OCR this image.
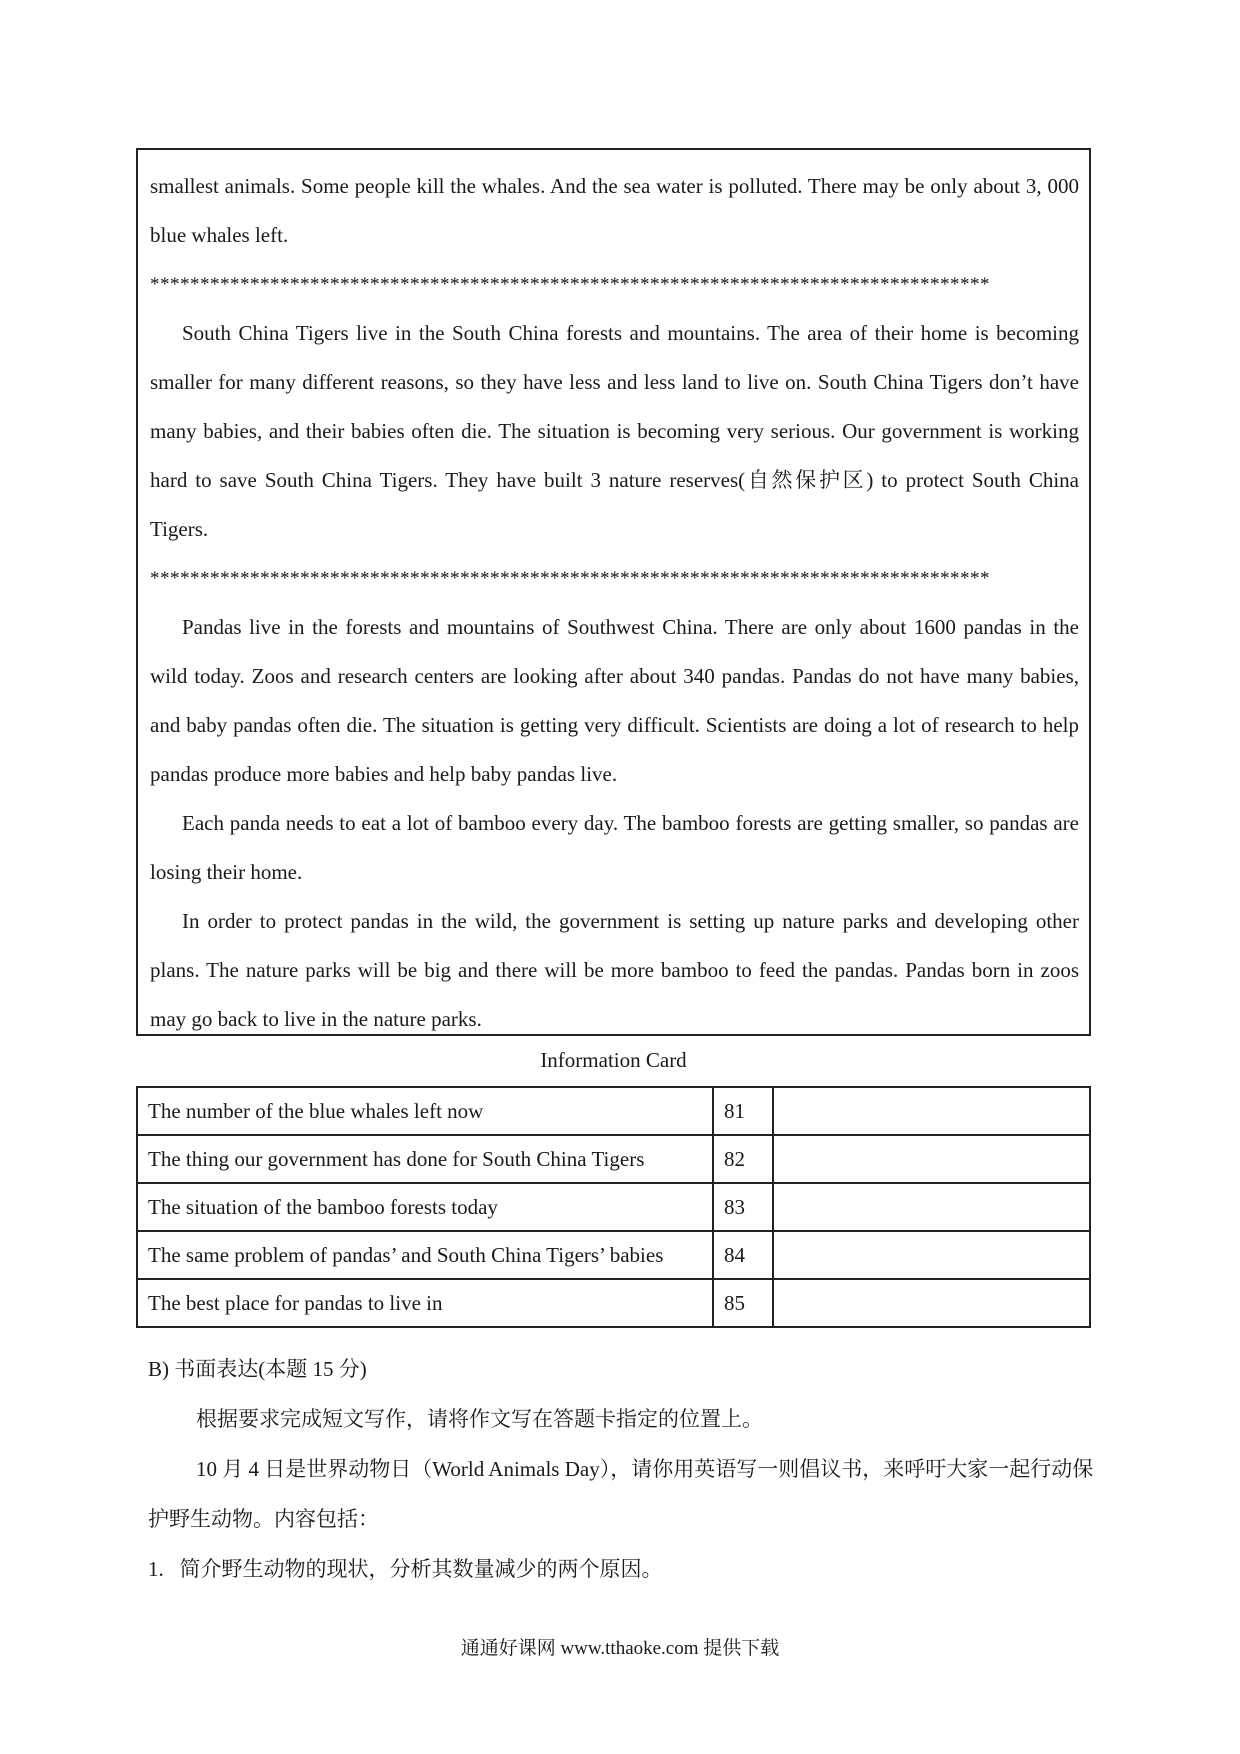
smallest animals. Some people kill the whales. And the sea water is polluted. There may be only about 3, 000 blue whales left.

************************************************************************************

South China Tigers live in the South China forests and mountains. The area of their home is becoming smaller for many different reasons, so they have less and less land to live on. South China Tigers don’t have many babies, and their babies often die. The situation is becoming very serious. Our government is working hard to save South China Tigers. They have built 3 nature reserves(自然保护区) to protect South China Tigers.

************************************************************************************

Pandas live in the forests and mountains of Southwest China. There are only about 1600 pandas in the wild today. Zoos and research centers are looking after about 340 pandas. Pandas do not have many babies, and baby pandas often die. The situation is getting very difficult. Scientists are doing a lot of research to help pandas produce more babies and help baby pandas live.

Each panda needs to eat a lot of bamboo every day. The bamboo forests are getting smaller, so pandas are losing their home.

In order to protect pandas in the wild, the government is setting up nature parks and developing other plans. The nature parks will be big and there will be more bamboo to feed the pandas. Pandas born in zoos may go back to live in the nature parks.

Information Card
The number of the blue whales left now	81	
The thing our government has done for South China Tigers	82	
The situation of the bamboo forests today	83	
The same problem of pandas’ and South China Tigers’ babies	84	
The best place for pandas to live in	85	

B) 书面表达(本题 15 分)

根据要求完成短文写作，请将作文写在答题卡指定的位置上。

10 月 4 日是世界动物日（World Animals Day），请你用英语写一则倡议书，来呼吁大家一起行动保护野生动物。内容包括：

1. 简介野生动物的现状，分析其数量减少的两个原因。

通通好课网 www.tthaoke.com 提供下载
